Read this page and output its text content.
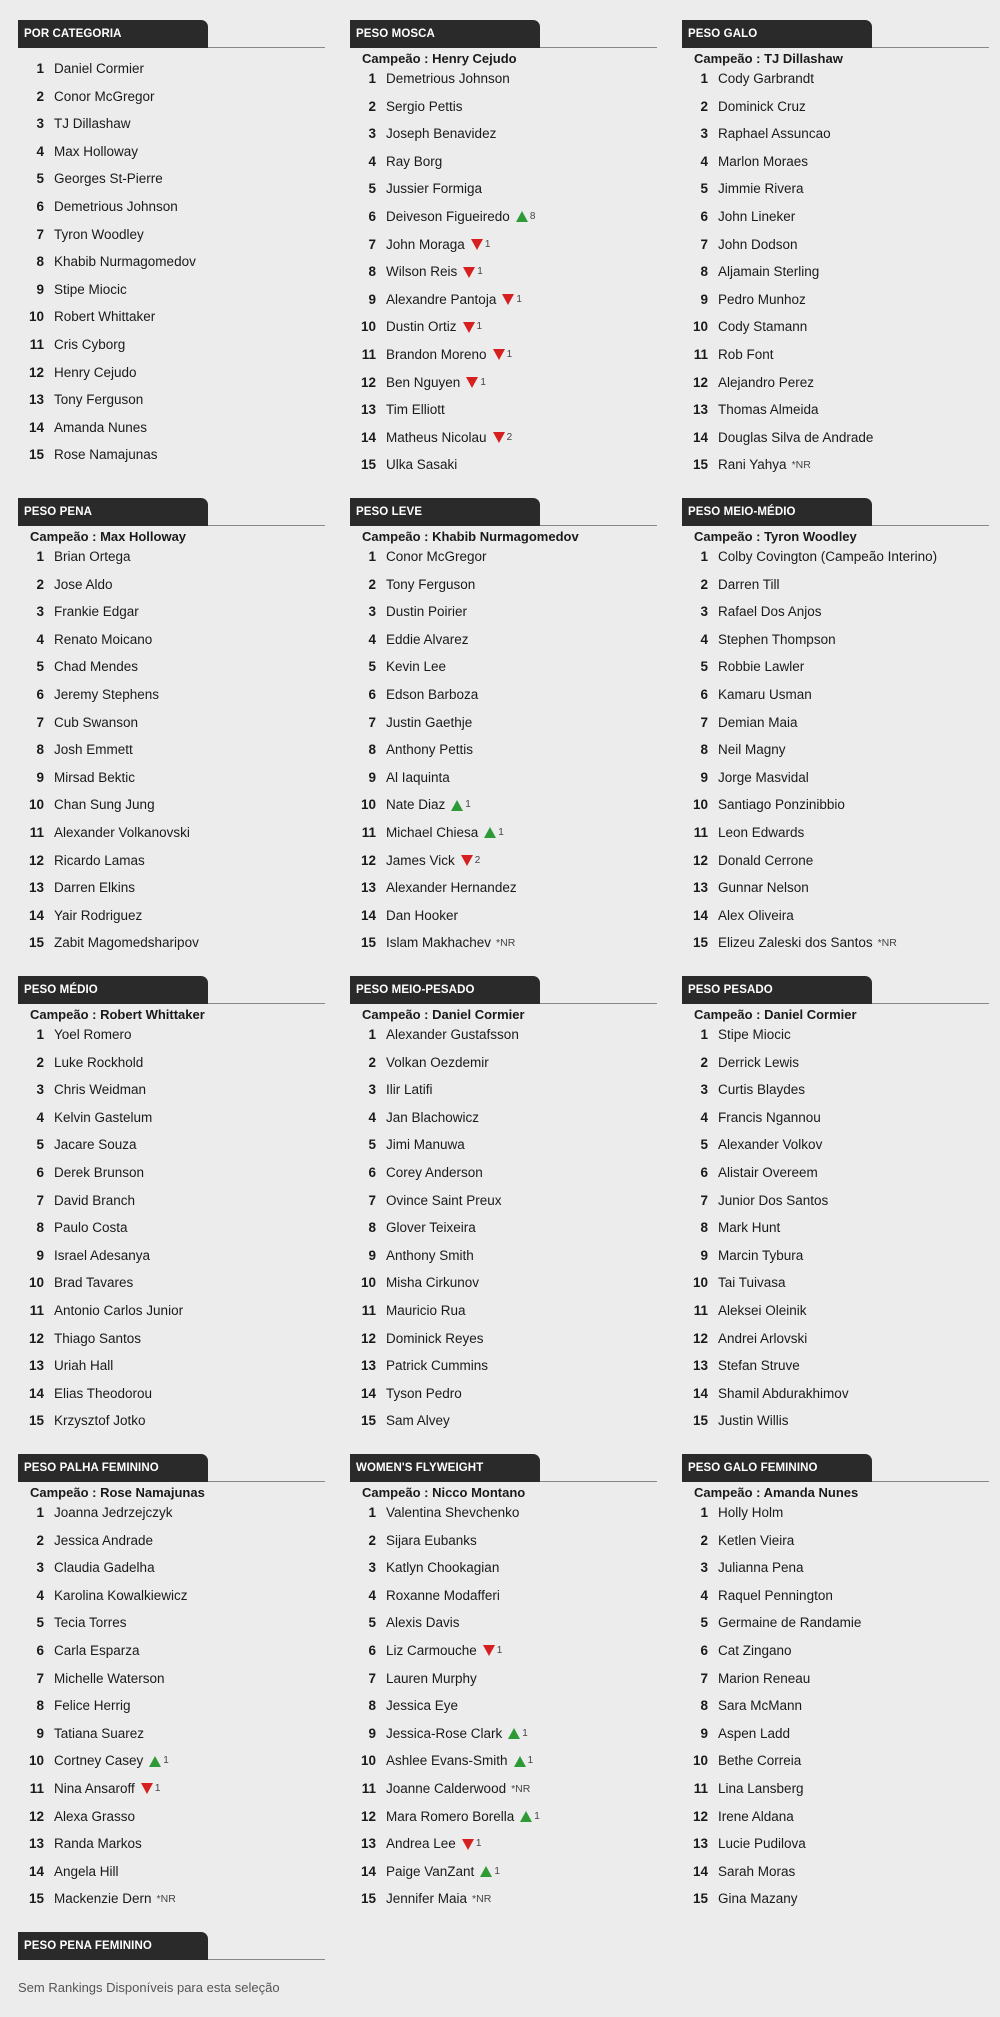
POR CATEGORIA
1 Daniel Cormier
2 Conor McGregor
3 TJ Dillashaw
4 Max Holloway
5 Georges St-Pierre
6 Demetrious Johnson
7 Tyron Woodley
8 Khabib Nurmagomedov
9 Stipe Miocic
10 Robert Whittaker
11 Cris Cyborg
12 Henry Cejudo
13 Tony Ferguson
14 Amanda Nunes
15 Rose Namajunas
PESO MOSCA
Campeão : Henry Cejudo
1 Demetrious Johnson
2 Sergio Pettis
3 Joseph Benavidez
4 Ray Borg
5 Jussier Formiga
6 Deiveson Figueiredo 8
7 John Moraga 1
8 Wilson Reis 1
9 Alexandre Pantoja 1
10 Dustin Ortiz 1
11 Brandon Moreno 1
12 Ben Nguyen 1
13 Tim Elliott
14 Matheus Nicolau 2
15 Ulka Sasaki
PESO GALO
Campeão : TJ Dillashaw
1 Cody Garbrandt
2 Dominick Cruz
3 Raphael Assuncao
4 Marlon Moraes
5 Jimmie Rivera
6 John Lineker
7 John Dodson
8 Aljamain Sterling
9 Pedro Munhoz
10 Cody Stamann
11 Rob Font
12 Alejandro Perez
13 Thomas Almeida
14 Douglas Silva de Andrade
15 Rani Yahya *NR
PESO PENA
Campeão : Max Holloway
1 Brian Ortega
2 Jose Aldo
3 Frankie Edgar
4 Renato Moicano
5 Chad Mendes
6 Jeremy Stephens
7 Cub Swanson
8 Josh Emmett
9 Mirsad Bektic
10 Chan Sung Jung
11 Alexander Volkanovski
12 Ricardo Lamas
13 Darren Elkins
14 Yair Rodriguez
15 Zabit Magomedsharipov
PESO LEVE
Campeão : Khabib Nurmagomedov
1 Conor McGregor
2 Tony Ferguson
3 Dustin Poirier
4 Eddie Alvarez
5 Kevin Lee
6 Edson Barboza
7 Justin Gaethje
8 Anthony Pettis
9 Al Iaquinta
10 Nate Diaz 1
11 Michael Chiesa 1
12 James Vick 2
13 Alexander Hernandez
14 Dan Hooker
15 Islam Makhachev *NR
PESO MEIO-MÉDIO
Campeão : Tyron Woodley
1 Colby Covington (Campeão Interino)
2 Darren Till
3 Rafael Dos Anjos
4 Stephen Thompson
5 Robbie Lawler
6 Kamaru Usman
7 Demian Maia
8 Neil Magny
9 Jorge Masvidal
10 Santiago Ponzinibbio
11 Leon Edwards
12 Donald Cerrone
13 Gunnar Nelson
14 Alex Oliveira
15 Elizeu Zaleski dos Santos *NR
PESO MÉDIO
Campeão : Robert Whittaker
1 Yoel Romero
2 Luke Rockhold
3 Chris Weidman
4 Kelvin Gastelum
5 Jacare Souza
6 Derek Brunson
7 David Branch
8 Paulo Costa
9 Israel Adesanya
10 Brad Tavares
11 Antonio Carlos Junior
12 Thiago Santos
13 Uriah Hall
14 Elias Theodorou
15 Krzysztof Jotko
PESO MEIO-PESADO
Campeão : Daniel Cormier
1 Alexander Gustafsson
2 Volkan Oezdemir
3 Ilir Latifi
4 Jan Blachowicz
5 Jimi Manuwa
6 Corey Anderson
7 Ovince Saint Preux
8 Glover Teixeira
9 Anthony Smith
10 Misha Cirkunov
11 Mauricio Rua
12 Dominick Reyes
13 Patrick Cummins
14 Tyson Pedro
15 Sam Alvey
PESO PESADO
Campeão : Daniel Cormier
1 Stipe Miocic
2 Derrick Lewis
3 Curtis Blaydes
4 Francis Ngannou
5 Alexander Volkov
6 Alistair Overeem
7 Junior Dos Santos
8 Mark Hunt
9 Marcin Tybura
10 Tai Tuivasa
11 Aleksei Oleinik
12 Andrei Arlovski
13 Stefan Struve
14 Shamil Abdurakhimov
15 Justin Willis
PESO PALHA FEMININO
Campeão : Rose Namajunas
1 Joanna Jedrzejczyk
2 Jessica Andrade
3 Claudia Gadelha
4 Karolina Kowalkiewicz
5 Tecia Torres
6 Carla Esparza
7 Michelle Waterson
8 Felice Herrig
9 Tatiana Suarez
10 Cortney Casey 1
11 Nina Ansaroff 1
12 Alexa Grasso
13 Randa Markos
14 Angela Hill
15 Mackenzie Dern *NR
WOMEN'S FLYWEIGHT
Campeão : Nicco Montano
1 Valentina Shevchenko
2 Sijara Eubanks
3 Katlyn Chookagian
4 Roxanne Modafferi
5 Alexis Davis
6 Liz Carmouche 1
7 Lauren Murphy
8 Jessica Eye
9 Jessica-Rose Clark 1
10 Ashlee Evans-Smith 1
11 Joanne Calderwood *NR
12 Mara Romero Borella 1
13 Andrea Lee 1
14 Paige VanZant 1
15 Jennifer Maia *NR
PESO GALO FEMININO
Campeão : Amanda Nunes
1 Holly Holm
2 Ketlen Vieira
3 Julianna Pena
4 Raquel Pennington
5 Germaine de Randamie
6 Cat Zingano
7 Marion Reneau
8 Sara McMann
9 Aspen Ladd
10 Bethe Correia
11 Lina Lansberg
12 Irene Aldana
13 Lucie Pudilova
14 Sarah Moras
15 Gina Mazany
PESO PENA FEMININO
Sem Rankings Disponíveis para esta seleção
